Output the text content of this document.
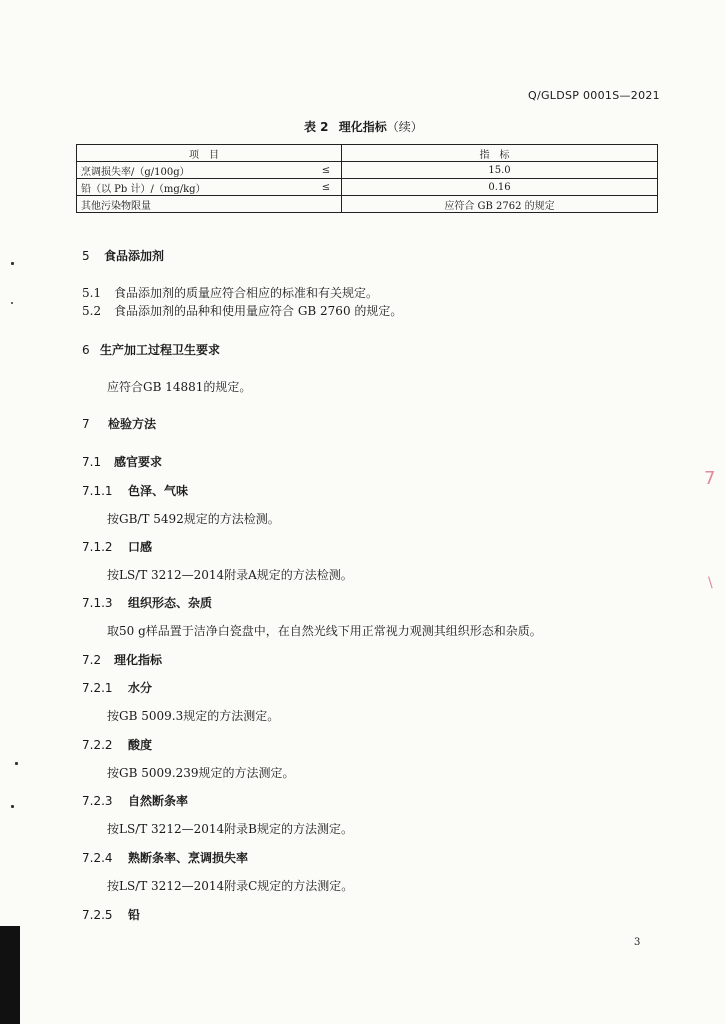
Q/GLDSP 0001S—2021
表 2 理化指标（续）
项目		指标
烹调损失率/（g/100g）	≤	15.0
铅（以 Pb 计）/（mg/kg）	≤	0.16
其他污染物限量		应符合 GB 2762 的规定
5 食品添加剂
5.1 食品添加剂的质量应符合相应的标准和有关规定。
5.2 食品添加剂的品种和使用量应符合 GB 2760 的规定。
6 生产加工过程卫生要求
应符合GB 14881的规定。
7 检验方法
7.1 感官要求
7.1.1 色泽、气味
按GB/T 5492规定的方法检测。
7.1.2 口感
按LS/T 3212—2014附录A规定的方法检测。
7.1.3 组织形态、杂质
取50 g样品置于洁净白瓷盘中，在自然光线下用正常视力观测其组织形态和杂质。
7.2 理化指标
7.2.1 水分
按GB 5009.3规定的方法测定。
7.2.2 酸度
按GB 5009.239规定的方法测定。
7.2.3 自然断条率
按LS/T 3212—2014附录B规定的方法测定。
7.2.4 熟断条率、烹调损失率
按LS/T 3212—2014附录C规定的方法测定。
7.2.5 铅
3
7
\
